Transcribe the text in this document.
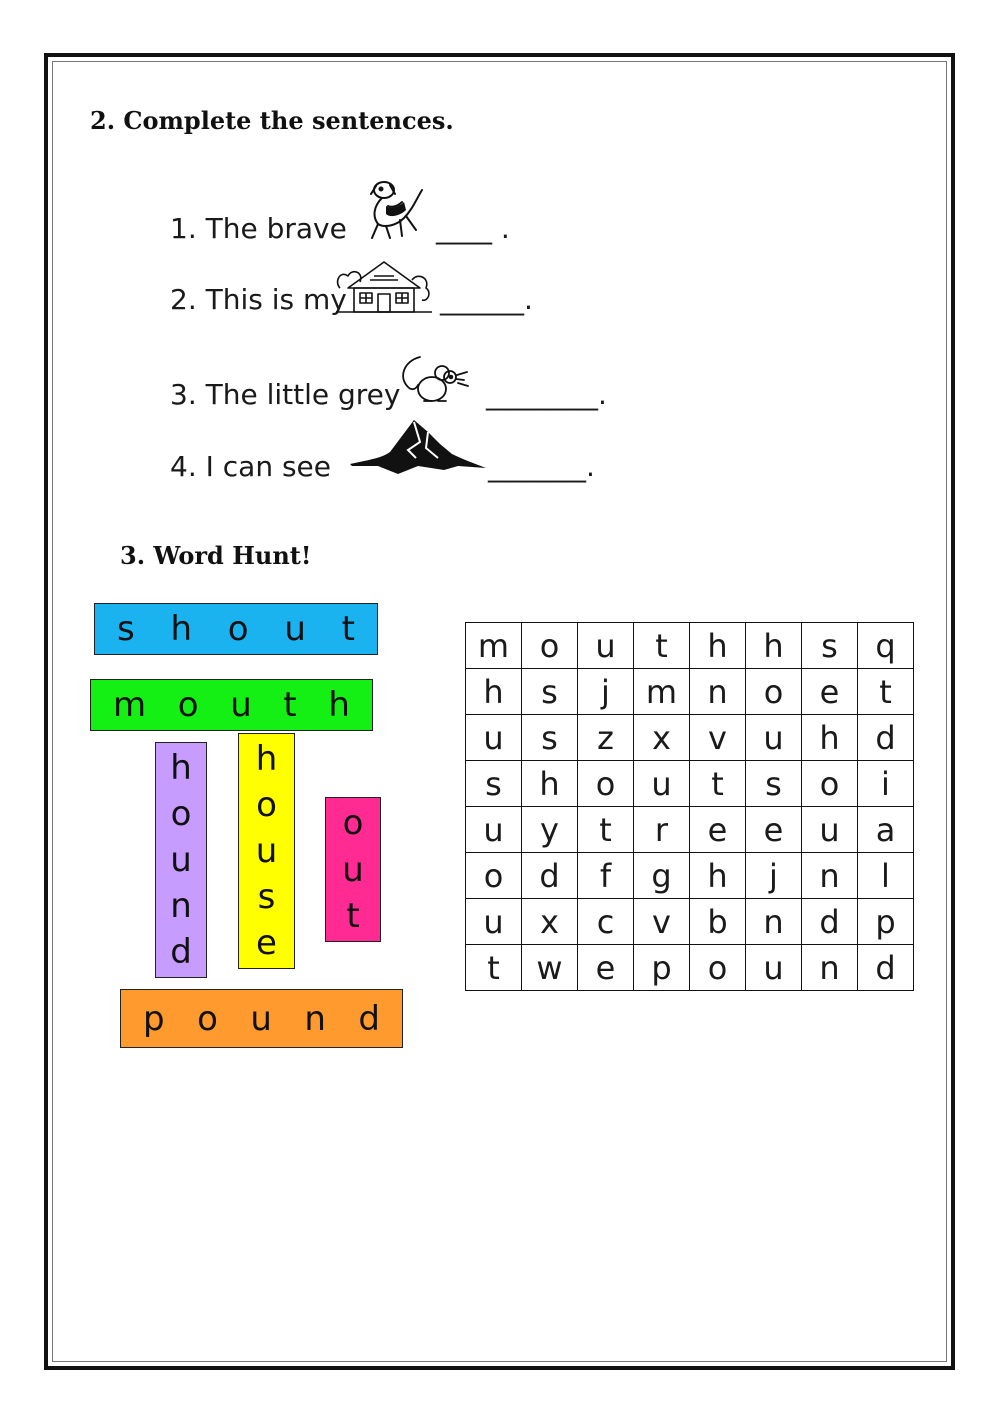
2. Complete the sentences.
1. The brave	____ .
2. This is my	______.
3. The little grey	________.
4. I can see	_______.
3. Word Hunt!
s h o u t
m o u t h
h
o
u
n
d
h
o
u
s
e
o
u
t
p o u n d
m	o	u	t	h	h	s	q
h	s	j	m	n	o	e	t
u	s	z	x	v	u	h	d
s	h	o	u	t	s	o	i
u	y	t	r	e	e	u	a
o	d	f	g	h	j	n	l
u	x	c	v	b	n	d	p
t	w	e	p	o	u	n	d
